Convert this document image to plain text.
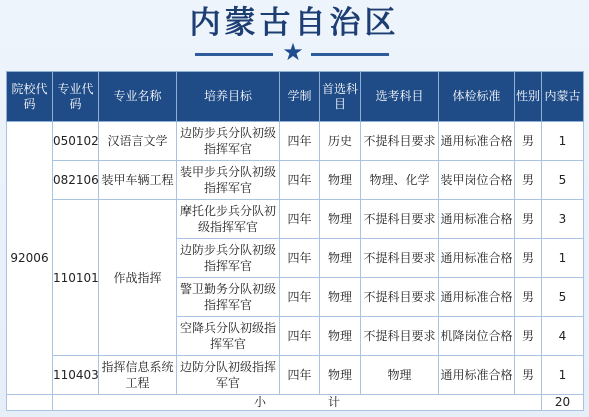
内蒙古自治区
★
院校代码	专业代码	专业名称	培养目标	学制	首选科目	选考科目	体检标准	性别	内蒙古
92006	050102	汉语言文学	边防步兵分队初级指挥军官	四年	历史	不提科目要求	通用标准合格	男	1
	082106	装甲车辆工程	装甲步兵分队初级指挥军官	四年	物理	物理、化学	装甲岗位合格	男	5
	110101	作战指挥	摩托化步兵分队初级指挥军官	四年	物理	不提科目要求	通用标准合格	男	3
			边防步兵分队初级指挥军官	四年	物理	不提科目要求	通用标准合格	男	1
			警卫勤务分队初级指挥军官	四年	物理	不提科目要求	通用标准合格	男	5
			空降兵分队初级指挥军官	四年	物理	不提科目要求	机降岗位合格	男	4
	110403	指挥信息系统工程	边防分队初级指挥军官	四年	物理	物理	通用标准合格	男	1
	小 计								20
